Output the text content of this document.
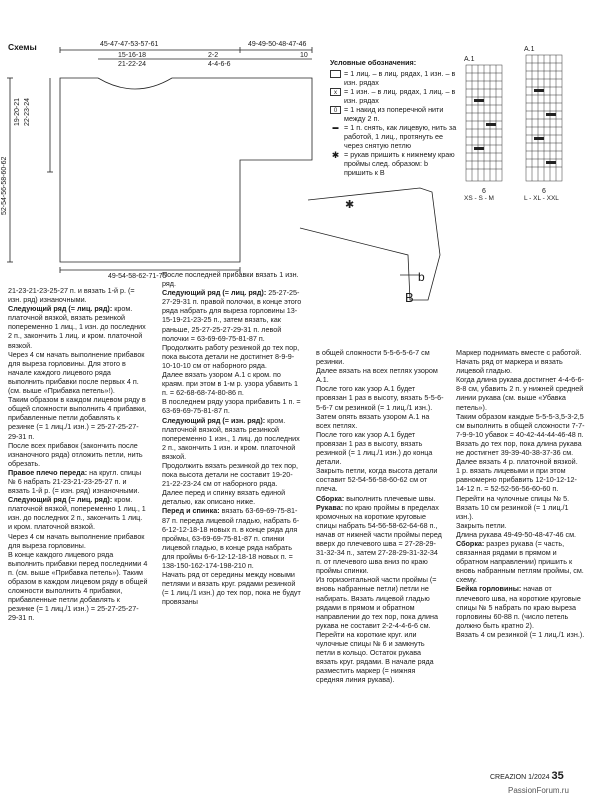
Схемы
✱
45-47-47-53-57-61	49-49-50-48-47-46
15-16-18
21-22-24
2-2
4-4-6-6
10
19-20-21 22-23-24
52-54-56-58-60-62
49-54-58-62-71-75	b
B
Условные обозначения:
= 1 лиц. – в лиц. рядах, 1 изн. – в изн. рядах
x = 1 изн. – в лиц. рядах, 1 лиц. – в изн. рядах
0 = 1 накид из поперечной нити между 2 п.
▬ = 1 п. снять, как лицевую, нить за работой, 1 лиц., протянуть ее через снятую петлю
✱ = рукав пришить к нижнему краю проймы след. образом: b пришить к B
A.1
6
XS - S - M
A.1
6
L - XL - XXL

21-23-21-23-25-27 п. и вязать 1-й р. (= изн. ряд) изнаночными.

Следующий ряд (= лиц. ряд): кром. платочной вязкой, вязать резинкой попеременно 1 лиц., 1 изн. до последних 2 п., закончить 1 лиц. и кром. платочной вязкой.

Через 4 см начать выполнение прибавок для выреза горловины. Для этого в начале каждого лицевого ряда выполнить прибавки после первых 4 п. (см. выше «Прибавка петель»!).

Таким образом в каждом лицевом ряду в общей сложности выполнить 4 прибавки, прибавленные петли добавлять к резинке (= 1 лиц./1 изн.) = 25-27-25-27-29-31 п.

После всех прибавок (закончить после изнаночного ряда) отложить петли, нить обрезать.

Правое плечо переда: на кругл. спицы № 6 набрать 21-23-21-23-25-27 п. и вязать 1-й р. (= изн. ряд) изнаночными.

Следующий ряд (= лиц. ряд): кром. платочной вязкой, попеременно 1 лиц., 1 изн. до последних 2 п., закончить 1 лиц. и кром. платочной вязкой.

Через 4 см начать выполнение прибавок для выреза горловины.

В конце каждого лицевого ряда выполнить прибавки перед последними 4 п. (см. выше «Прибавка петель»). Таким образом в каждом лицевом ряду в общей сложности выполнить 4 прибавки, прибавленные петли добавлять к резинке (= 1 лиц./1 изн.) = 25-27-25-27-29-31 п.

После последней прибавки вязать 1 изн. ряд.

Следующий ряд (= лиц. ряд): 25-27-25-27-29-31 п. правой полочки, в конце этого ряда набрать для выреза горловины 13-15-19-21-23-25 п., затем вязать, как раньше, 25-27-25-27-29-31 п. левой полочки = 63-69-69-75-81-87 п.

Продолжить работу резинкой до тех пор, пока высота детали не достигнет 8-9-9-10-10-10 см от наборного ряда.

Далее вязать узором A.1 с кром. по краям. при этом в 1-м р. узора убавить 1 п. = 62-68-68-74-80-86 п.

В последнем ряду узора прибавить 1 п. = 63-69-69-75-81-87 п.

Следующий ряд (= изн. ряд): кром. платочной вязкой, вязать резинкой попеременно 1 изн., 1 лиц. до последних 2 п., закончить 1 изн. и кром. платочной вязкой.

Продолжить вязать резинкой до тех пор, пока высота детали не составит 19-20-21-22-23-24 см от наборного ряда.

Далее перед и спинку вязать единой деталью, как описано ниже.

Перед и спинка: вязать 63-69-69-75-81-87 п. переда лицевой гладью, набрать 6-6-12-12-18-18 новых п. в конце ряда для проймы, 63-69-69-75-81-87 п. спинки лицевой гладью, в конце ряда набрать для проймы 6-6-12-12-18-18 новых п. = 138-150-162-174-198-210 п.

Начать ряд от середины между новыми петлями и вязать круг. рядами резинкой (= 1 лиц./1 изн.) до тех пор, пока не будут провязаны

в общей сложности 5-5-6-5-6-7 см резинки.

Далее вязать на всех петлях узором A.1.

После того как узор A.1 будет провязан 1 раз в высоту, вязать 5-5-6-5-6-7 см резинкой (= 1 лиц./1 изн.).

Затем опять вязать узором A.1 на всех петлях.

После того как узор A.1 будет провязан 1 раз в высоту, вязать резинкой (= 1 лиц./1 изн.) до конца детали.

Закрыть петли, когда высота детали составит 52-54-56-58-60-62 см от плеча.

Сборка: выполнить плечевые швы.

Рукава: по краю проймы в пределах кромочных на короткие круговые спицы набрать 54-56-58-62-64-68 п., начав от нижней части проймы перед вверх до плечевого шва = 27-28-29-31-32-34 п., затем 27-28-29-31-32-34 п. от плечевого шва вниз по краю проймы спинки.

Из горизонтальной части проймы (= вновь набранные петли) петли не набирать. Вязать лицевой гладью рядами в прямом и обратном направлении до тех пор, пока длина рукава не составит 2-2-4-4-6-6 см.

Перейти на короткие круг. или чулочные спицы № 6 и замкнуть петли в кольцо. Остаток рукава вязать круг. рядами. В начале ряда разместить маркер (= нижняя средняя линия рукава).

Маркер поднимать вместе с работой.

Начать ряд от маркера и вязать лицевой гладью.

Когда длина рукава достигнет 4-4-6-6-8-8 см, убавить 2 п. у нижней средней линии рукава (см. выше «Убавка петель»).

Таким образом каждые 5-5-5-3,5-3-2,5 см выполнить в общей сложности 7-7-7-9-9-10 убавок = 40-42-44-44-46-48 п.

Вязать до тех пор, пока длина рукава не достигнет 39-39-40-38-37-36 см.

Далее вязать 4 р. платочной вязкой.

1 р. вязать лицевыми и при этом равномерно прибавить 12-10-12-12-14-12 п. = 52-52-56-56-60-60 п.

Перейти на чулочные спицы № 5.

Вязать 10 см резинкой (= 1 лиц./1 изн.).

Закрыть петли.

Длина рукава 49-49-50-48-47-46 см.

Сборка: разрез рукава (= часть, связанная рядами в прямом и обратном направлении) пришить к вновь набранным петлям проймы, см. схему.

Бейка горловины: начав от плечевого шва, на короткие круговые спицы № 5 набрать по краю выреза горловины 60-88 п. (число петель должно быть кратно 2).

Вязать 4 см резинкой (= 1 лиц./1 изн.).

CREAZION 1/2024 35
PassionForum.ru
